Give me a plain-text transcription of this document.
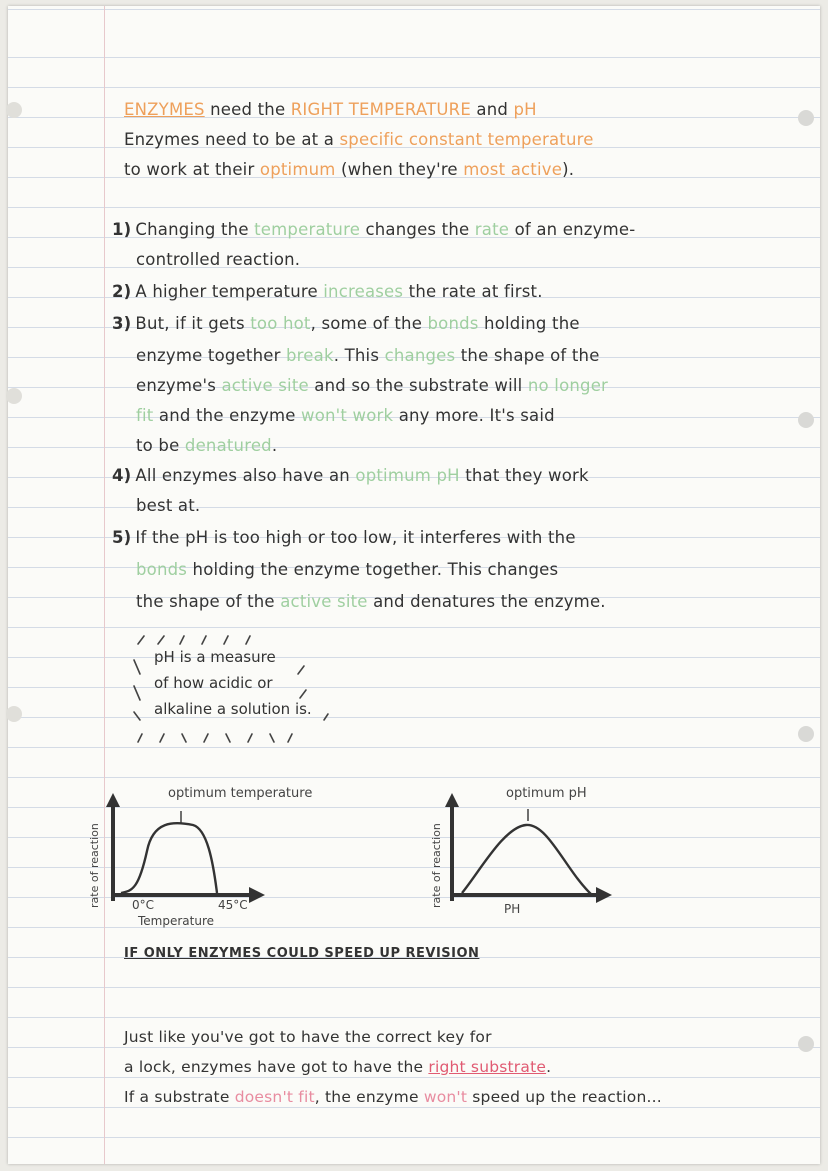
ENZYMES need the RIGHT TEMPERATURE and pH
Enzymes need to be at a specific constant temperature
to work at their optimum (when they're most active).
1) Changing the temperature changes the rate of an enzyme-
controlled reaction.
2) A higher temperature increases the rate at first.
3) But, if it gets too hot, some of the bonds holding the
enzyme together break. This changes the shape of the
enzyme's active site and so the substrate will no longer
fit and the enzyme won't work any more. It's said
to be denatured.
4) All enzymes also have an optimum pH that they work
best at.
5) If the pH is too high or too low, it interferes with the
bonds holding the enzyme together. This changes
the shape of the active site and denatures the enzyme.
pH is a measure
of how acidic or
alkaline a solution is.
optimum temperature
rate of reaction	0°C	45°C
Temperature
optimum pH
rate of reaction
PH
IF ONLY ENZYMES COULD SPEED UP REVISION
Just like you've got to have the correct key for
a lock, enzymes have got to have the right substrate.
If a substrate doesn't fit, the enzyme won't speed up the reaction...
